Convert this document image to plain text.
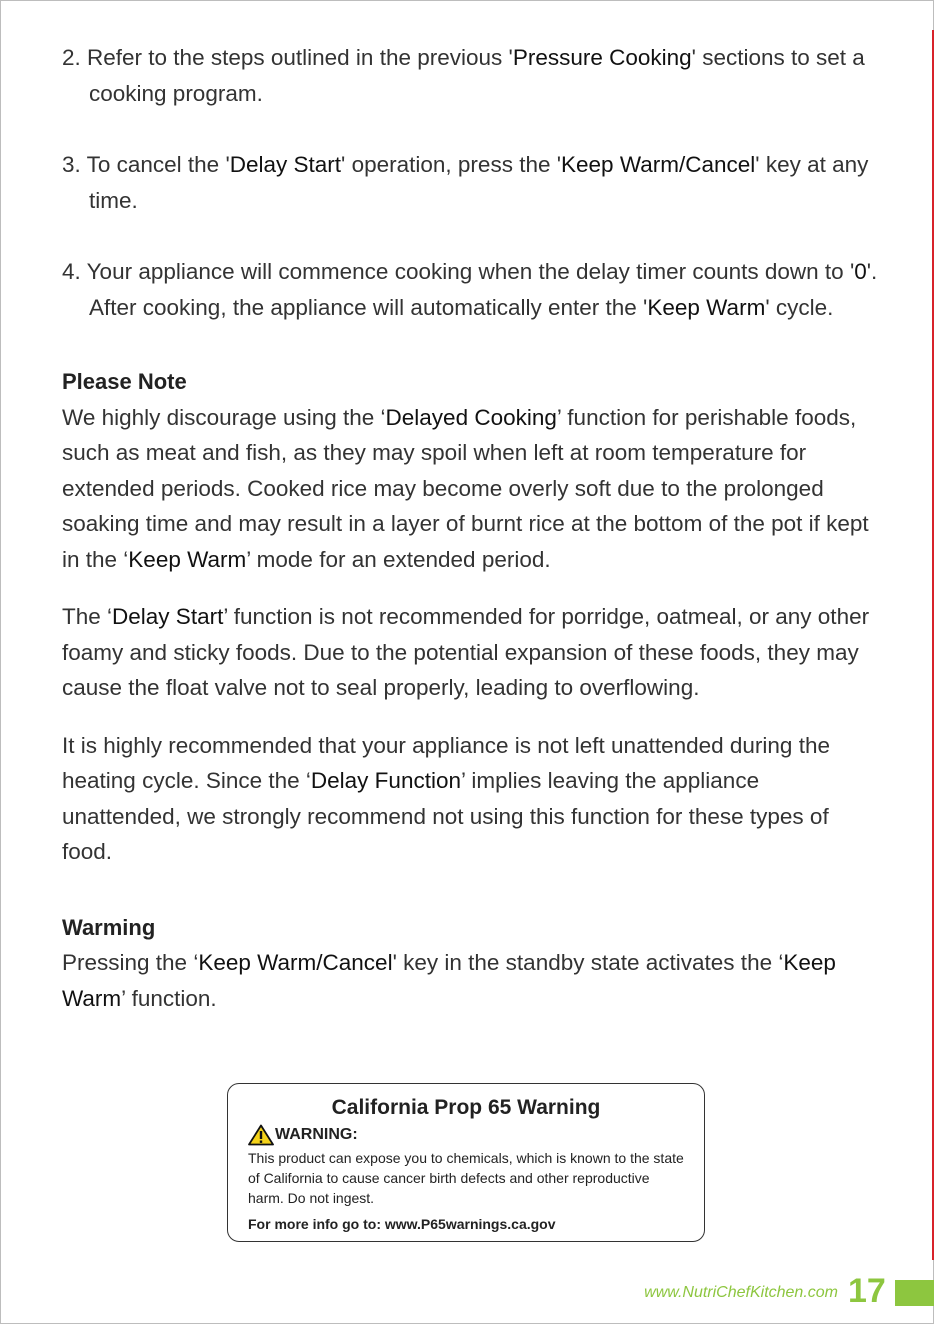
2. Refer to the steps outlined in the previous 'Pressure Cooking' sections to set a cooking program.

3. To cancel the 'Delay Start' operation, press the 'Keep Warm/Cancel' key at any time.

4. Your appliance will commence cooking when the delay timer counts down to '0'. After cooking, the appliance will automatically enter the 'Keep Warm' cycle.

Please Note

We highly discourage using the ‘Delayed Cooking’ function for perishable foods, such as meat and fish, as they may spoil when left at room temperature for extended periods. Cooked rice may become overly soft due to the prolonged soaking time and may result in a layer of burnt rice at the bottom of the pot if kept in the ‘Keep Warm’ mode for an extended period.

The ‘Delay Start’ function is not recommended for porridge, oatmeal, or any other foamy and sticky foods. Due to the potential expansion of these foods, they may cause the float valve not to seal properly, leading to overflowing.

It is highly recommended that your appliance is not left unattended during the heating cycle. Since the ‘Delay Function’ implies leaving the appliance unattended, we strongly recommend not using this function for these types of food.

Warming

Pressing the ‘Keep Warm/Cancel' key in the standby state activates the ‘Keep Warm’ function.

California Prop 65 Warning
WARNING:
This product can expose you to chemicals, which is known to the state of California to cause cancer birth defects and other reproductive harm. Do not ingest.
For more info go to: www.P65warnings.ca.gov
www.NutriChefKitchen.com 17
